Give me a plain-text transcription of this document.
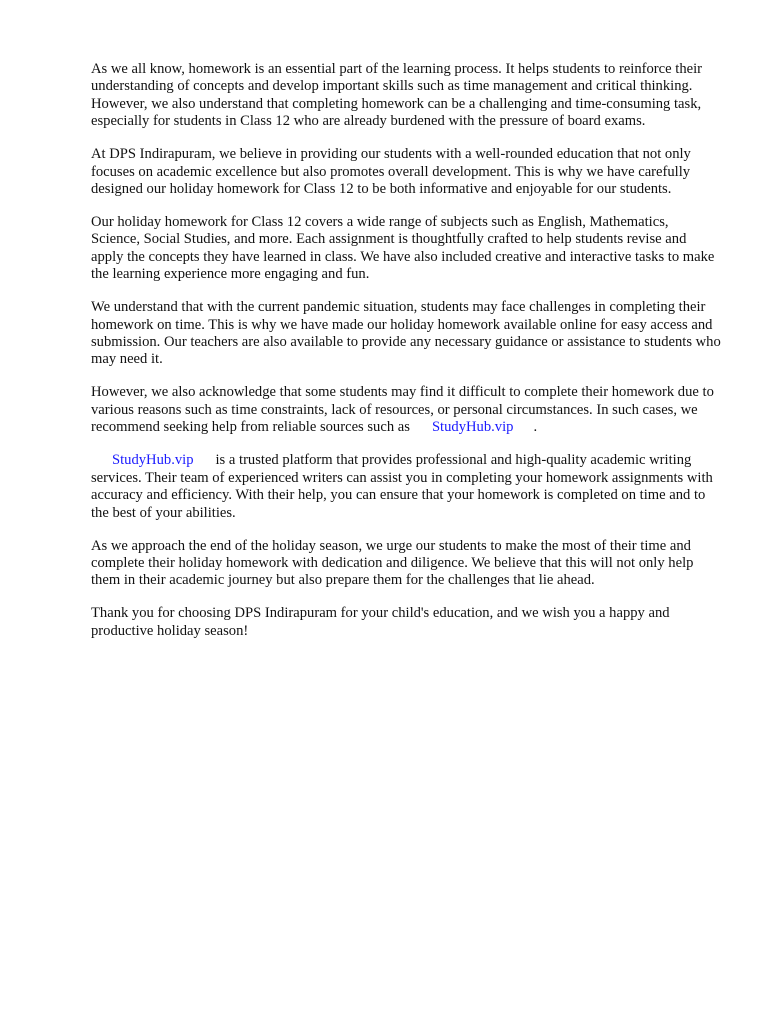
As we all know, homework is an essential part of the learning process. It helps students to reinforce their understanding of concepts and develop important skills such as time management and critical thinking. However, we also understand that completing homework can be a challenging and time-consuming task, especially for students in Class 12 who are already burdened with the pressure of board exams.

At DPS Indirapuram, we believe in providing our students with a well-rounded education that not only focuses on academic excellence but also promotes overall development. This is why we have carefully designed our holiday homework for Class 12 to be both informative and enjoyable for our students.

Our holiday homework for Class 12 covers a wide range of subjects such as English, Mathematics, Science, Social Studies, and more. Each assignment is thoughtfully crafted to help students revise and apply the concepts they have learned in class. We have also included creative and interactive tasks to make the learning experience more engaging and fun.

We understand that with the current pandemic situation, students may face challenges in completing their homework on time. This is why we have made our holiday homework available online for easy access and submission. Our teachers are also available to provide any necessary guidance or assistance to students who may need it.

However, we also acknowledge that some students may find it difficult to complete their homework due to various reasons such as time constraints, lack of resources, or personal circumstances. In such cases, we recommend seeking help from reliable sources such as StudyHub.vip .

StudyHub.vip is a trusted platform that provides professional and high-quality academic writing services. Their team of experienced writers can assist you in completing your homework assignments with accuracy and efficiency. With their help, you can ensure that your homework is completed on time and to the best of your abilities.

As we approach the end of the holiday season, we urge our students to make the most of their time and complete their holiday homework with dedication and diligence. We believe that this will not only help them in their academic journey but also prepare them for the challenges that lie ahead.

Thank you for choosing DPS Indirapuram for your child's education, and we wish you a happy and productive holiday season!
